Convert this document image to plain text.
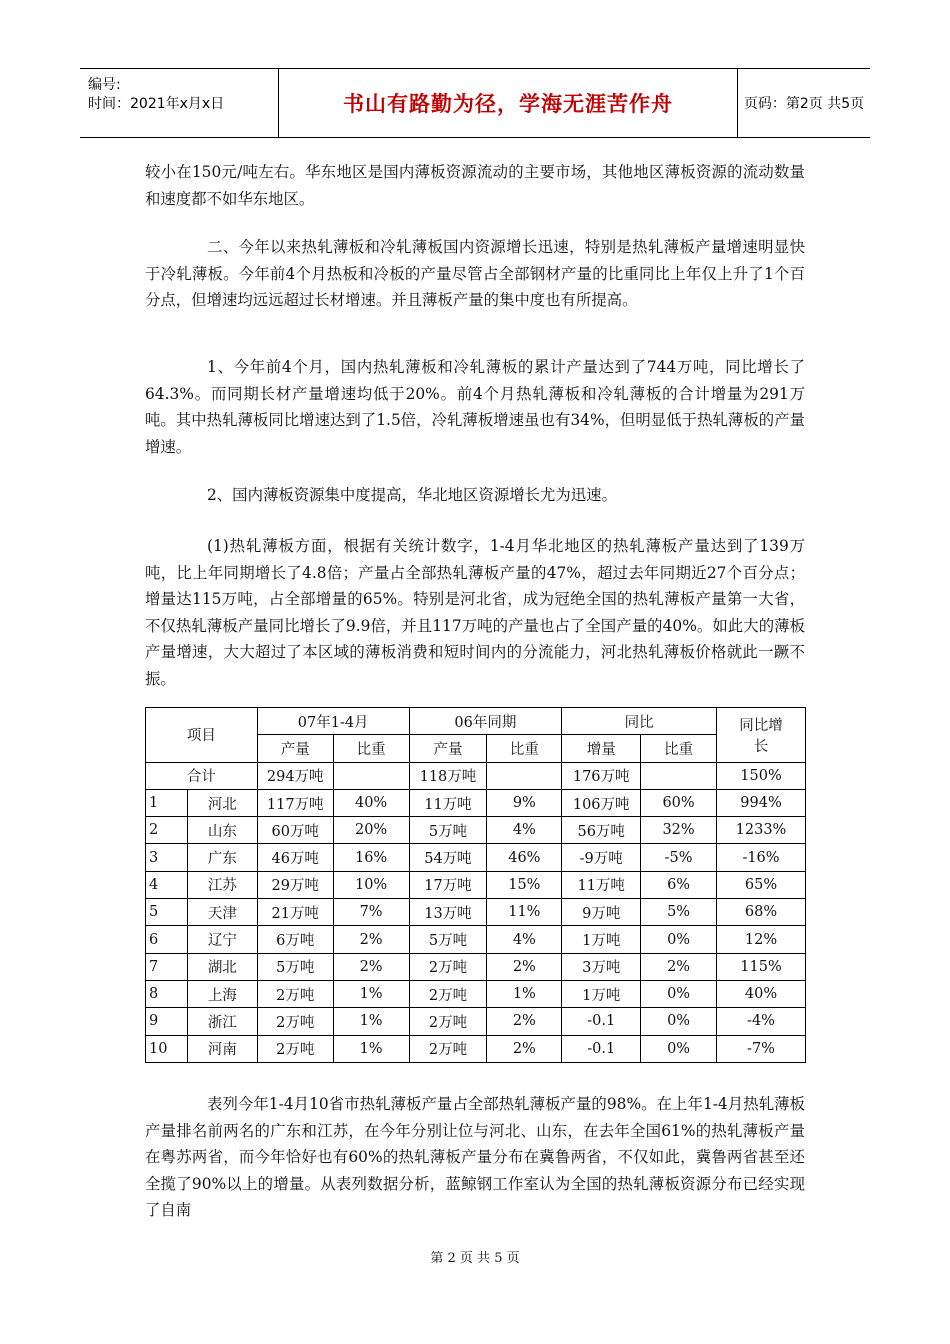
编号:
时间：2021年x月x日	书山有路勤为径，学海无涯苦作舟	页码：第2页 共5页

较小在150元/吨左右。华东地区是国内薄板资源流动的主要市场，其他地区薄板资源的流动数量和速度都不如华东地区。

二、今年以来热轧薄板和冷轧薄板国内资源增长迅速，特别是热轧薄板产量增速明显快于冷轧薄板。今年前4个月热板和冷板的产量尽管占全部钢材产量的比重同比上年仅上升了1个百分点，但增速均远远超过长材增速。并且薄板产量的集中度也有所提高。

1、今年前4个月，国内热轧薄板和冷轧薄板的累计产量达到了744万吨，同比增长了64.3%。而同期长材产量增速均低于20%。前4个月热轧薄板和冷轧薄板的合计增量为291万吨。其中热轧薄板同比增速达到了1.5倍，冷轧薄板增速虽也有34%，但明显低于热轧薄板的产量增速。

2、国内薄板资源集中度提高，华北地区资源增长尤为迅速。

(1)热轧薄板方面，根据有关统计数字，1-4月华北地区的热轧薄板产量达到了139万吨，比上年同期增长了4.8倍；产量占全部热轧薄板产量的47%，超过去年同期近27个百分点；增量达115万吨，占全部增量的65%。特别是河北省，成为冠绝全国的热轧薄板产量第一大省，不仅热轧薄板产量同比增长了9.9倍，并且117万吨的产量也占了全国产量的40%。如此大的薄板产量增速，大大超过了本区域的薄板消费和短时间内的分流能力，河北热轧薄板价格就此一蹶不振。

项目		07年1-4月		06年同期		同比		同比增长
		产量	比重	产量	比重	增量	比重	
合计		294万吨		118万吨		176万吨		150%
1	河北	117万吨	40%	11万吨	9%	106万吨	60%	994%
2	山东	60万吨	20%	5万吨	4%	56万吨	32%	1233%
3	广东	46万吨	16%	54万吨	46%	-9万吨	-5%	-16%
4	江苏	29万吨	10%	17万吨	15%	11万吨	6%	65%
5	天津	21万吨	7%	13万吨	11%	9万吨	5%	68%
6	辽宁	6万吨	2%	5万吨	4%	1万吨	0%	12%
7	湖北	5万吨	2%	2万吨	2%	3万吨	2%	115%
8	上海	2万吨	1%	2万吨	1%	1万吨	0%	40%
9	浙江	2万吨	1%	2万吨	2%	-0.1	0%	-4%
10	河南	2万吨	1%	2万吨	2%	-0.1	0%	-7%

表列今年1-4月10省市热轧薄板产量占全部热轧薄板产量的98%。在上年1-4月热轧薄板产量排名前两名的广东和江苏，在今年分别让位与河北、山东，在去年全国61%的热轧薄板产量在粤苏两省，而今年恰好也有60%的热轧薄板产量分布在冀鲁两省，不仅如此，冀鲁两省甚至还全揽了90%以上的增量。从表列数据分析，蓝鲸钢工作室认为全国的热轧薄板资源分布已经实现了自南

第 2 页 共 5 页
